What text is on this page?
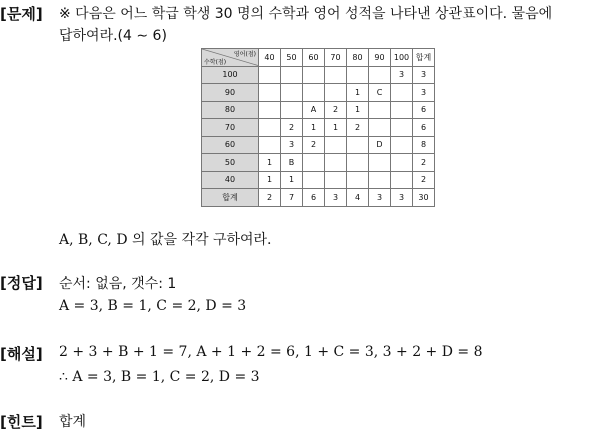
[문제] ※ 다음은 어느 학급 학생 30 명의 수학과 영어 성적을 나타낸 상관표이다. 물음에
답하여라.(4 ∼ 6)
영어(점)
수학(점)	40	50	60	70	80	90	100	합계
100							3	3
90					1	C		3
80			A	2	1			6
70		2	1	1	2			6
60		3	2			D		8
50	1	B						2
40	1	1						2
합계	2	7	6	3	4	3	3	30
A, B, C, D 의 값을 각각 구하여라.
[정답] 순서: 없음, 갯수: 1
A = 3, B = 1, C = 2, D = 3
[해설] 2 + 3 + B + 1 = 7, A + 1 + 2 = 6, 1 + C = 3, 3 + 2 + D = 8
∴ A = 3, B = 1, C = 2, D = 3
[힌트] 합계
